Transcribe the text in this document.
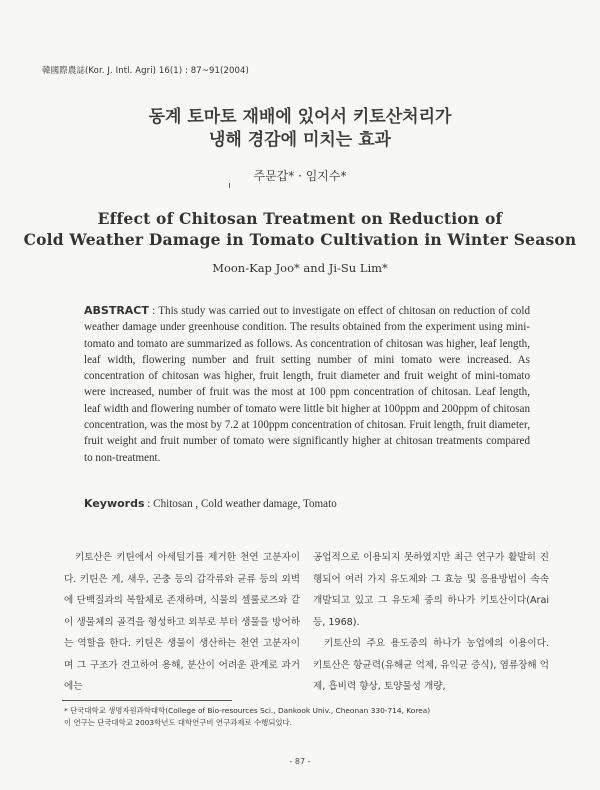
韓國際農誌(Kor. J. Intl. Agri) 16(1) : 87~91(2004)
동계 토마토 재배에 있어서 키토산처리가
냉해 경감에 미치는 효과
주문갑* · 임지수*
Effect of Chitosan Treatment on Reduction of
Cold Weather Damage in Tomato Cultivation in Winter Season
Moon-Kap Joo* and Ji-Su Lim*
ABSTRACT : This study was carried out to investigate on effect of chitosan on reduction of cold weather damage under greenhouse condition. The results obtained from the experiment using mini-tomato and tomato are summarized as follows. As concentration of chitosan was higher, leaf length, leaf width, flowering number and fruit setting number of mini tomato were increased. As concentration of chitosan was higher, fruit length, fruit diameter and fruit weight of mini-tomato were increased, number of fruit was the most at 100 ppm concentration of chitosan. Leaf length, leaf width and flowering number of tomato were little bit higher at 100ppm and 200ppm of chitosan concentration, was the most by 7.2 at 100ppm concentration of chitosan. Fruit length, fruit diameter, fruit weight and fruit number of tomato were significantly higher at chitosan treatments compared to non-treatment.
Keywords : Chitosan , Cold weather damage, Tomato

키토산은 키틴에서 아세틸기를 제거한 천연 고분자이다. 키틴은 게, 새우, 곤충 등의 갑각류와 균류 등의 외벽에 단백질과의 복합체로 존재하며, 식물의 셀룰로즈와 같이 생물체의 골격을 형성하고 외부로 부터 생물을 방어하는 역할을 한다. 키틴은 생물이 생산하는 천연 고분자이며 그 구조가 견고하여 용해, 분산이 어려운 관계로 과거에는

공업적으로 이용되지 못하였지만 최근 연구가 활발히 진행되어 여러 가지 유도체와 그 효능 및 응용방법이 속속 개발되고 있고 그 유도체 중의 하나가 키토산이다(Arai 등, 1968).

키토산의 주요 용도중의 하나가 농업에의 이용이다. 키토산은 항균력(유해균 억제, 유익균 증식), 염류장해 억제, 흡비력 향상, 토양물성 개량,

* 단국대학교 생명자원과학대학(College of Bio-resources Sci., Dankook Univ., Cheonan 330-714, Korea)
이 연구는 단국대학교 2003학년도 대학연구비 연구과제로 수행되었다.
- 87 -
